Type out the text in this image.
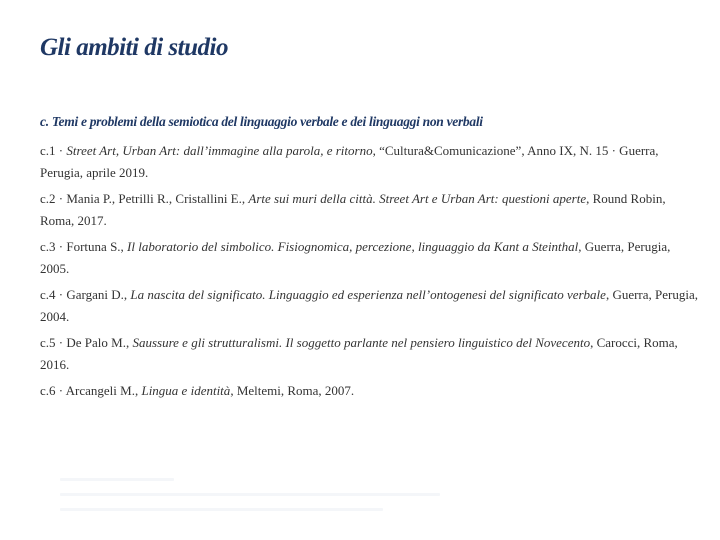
Gli ambiti di studio
c. Temi e problemi della semiotica del linguaggio verbale e dei linguaggi non verbali
c.1 · Street Art, Urban Art: dall’immagine alla parola, e ritorno, “Cultura&Comunicazione”, Anno IX, N. 15 · Guerra, Perugia, aprile 2019.
c.2 · Mania P., Petrilli R., Cristallini E., Arte sui muri della città. Street Art e Urban Art: questioni aperte, Round Robin, Roma, 2017.
c.3 · Fortuna S., Il laboratorio del simbolico. Fisiognomica, percezione, linguaggio da Kant a Steinthal, Guerra, Perugia, 2005.
c.4 · Gargani D., La nascita del significato. Linguaggio ed esperienza nell’ontogenesi del significato verbale, Guerra, Perugia, 2004.
c.5 · De Palo M., Saussure e gli strutturalismi. Il soggetto parlante nel pensiero linguistico del Novecento, Carocci, Roma, 2016.
c.6 · Arcangeli M., Lingua e identità, Meltemi, Roma, 2007.
